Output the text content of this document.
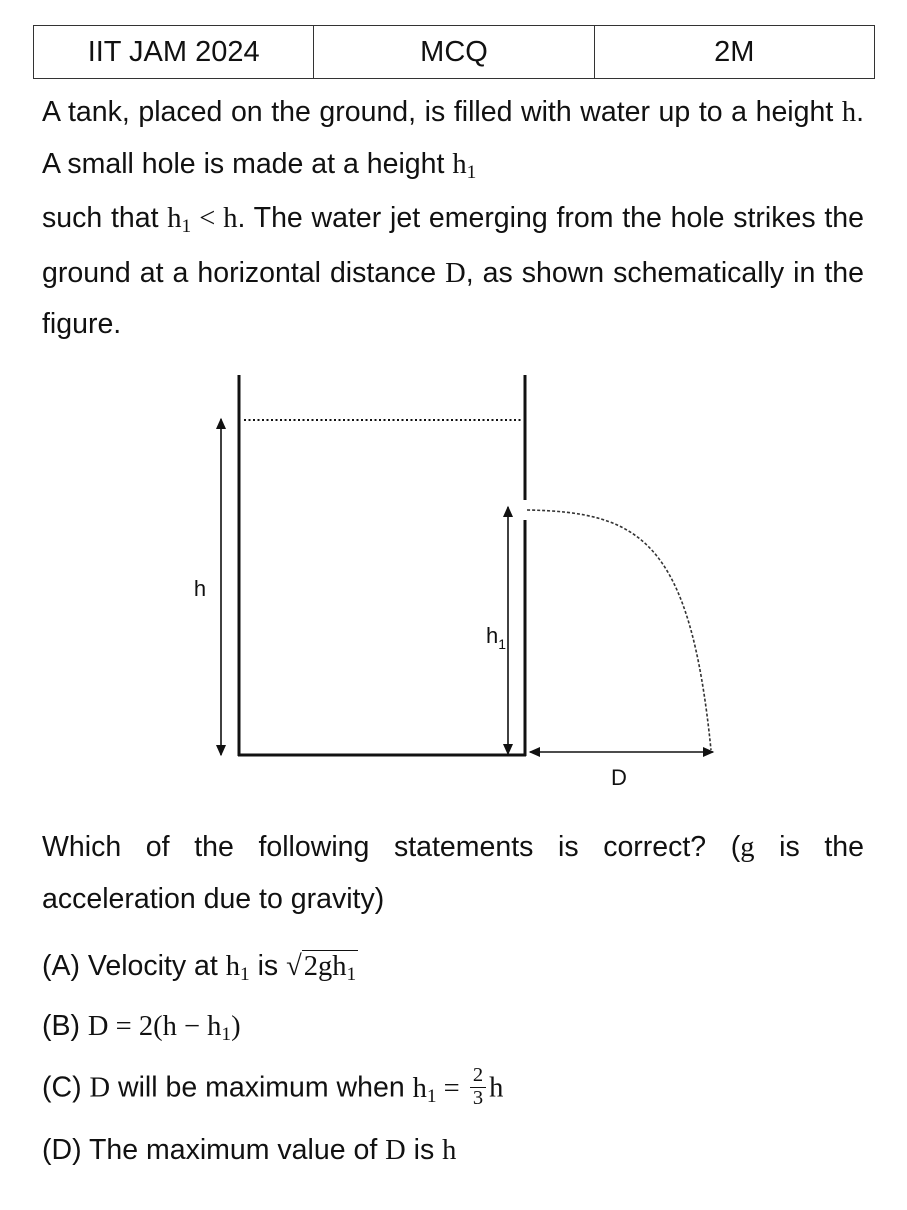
IIT JAM 2024	MCQ	2M

A tank, placed on the ground, is filled with water up to a height h. A small hole is made at a height h1
such that h1 < h. The water jet emerging from the hole strikes the ground at a horizontal distance D, as shown schematically in the figure.

h
$h_1$
D

Which of the following statements is correct? (g is the acceleration due to gravity)

(A) Velocity at h1 is √2gh1

(B) D = 2(h − h1)

(C) D will be maximum when $h1 = \frac{2}{3}$ h

(D) The maximum value of D is h
